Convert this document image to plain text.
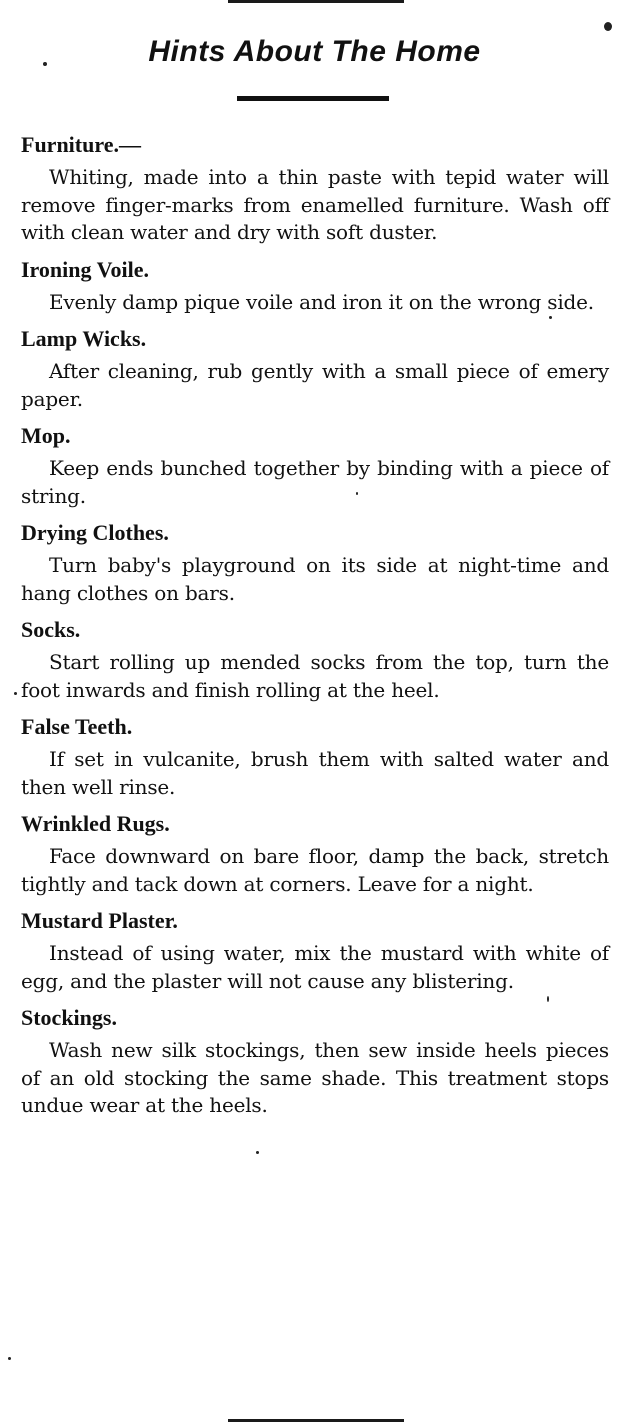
Hints About The Home
Furniture.—
Whiting, made into a thin paste with tepid water will remove finger-marks from enamelled furniture. Wash off with clean water and dry with soft duster.
Ironing Voile.
Evenly damp pique voile and iron it on the wrong side.
Lamp Wicks.
After cleaning, rub gently with a small piece of emery paper.
Mop.
Keep ends bunched together by binding with a piece of string.
Drying Clothes.
Turn baby's playground on its side at night-time and hang clothes on bars.
Socks.
Start rolling up mended socks from the top, turn the foot inwards and finish rolling at the heel.
False Teeth.
If set in vulcanite, brush them with salted water and then well rinse.
Wrinkled Rugs.
Face downward on bare floor, damp the back, stretch tightly and tack down at corners. Leave for a night.
Mustard Plaster.
Instead of using water, mix the mustard with white of egg, and the plaster will not cause any blistering.
Stockings.
Wash new silk stockings, then sew inside heels pieces of an old stocking the same shade. This treatment stops undue wear at the heels.
